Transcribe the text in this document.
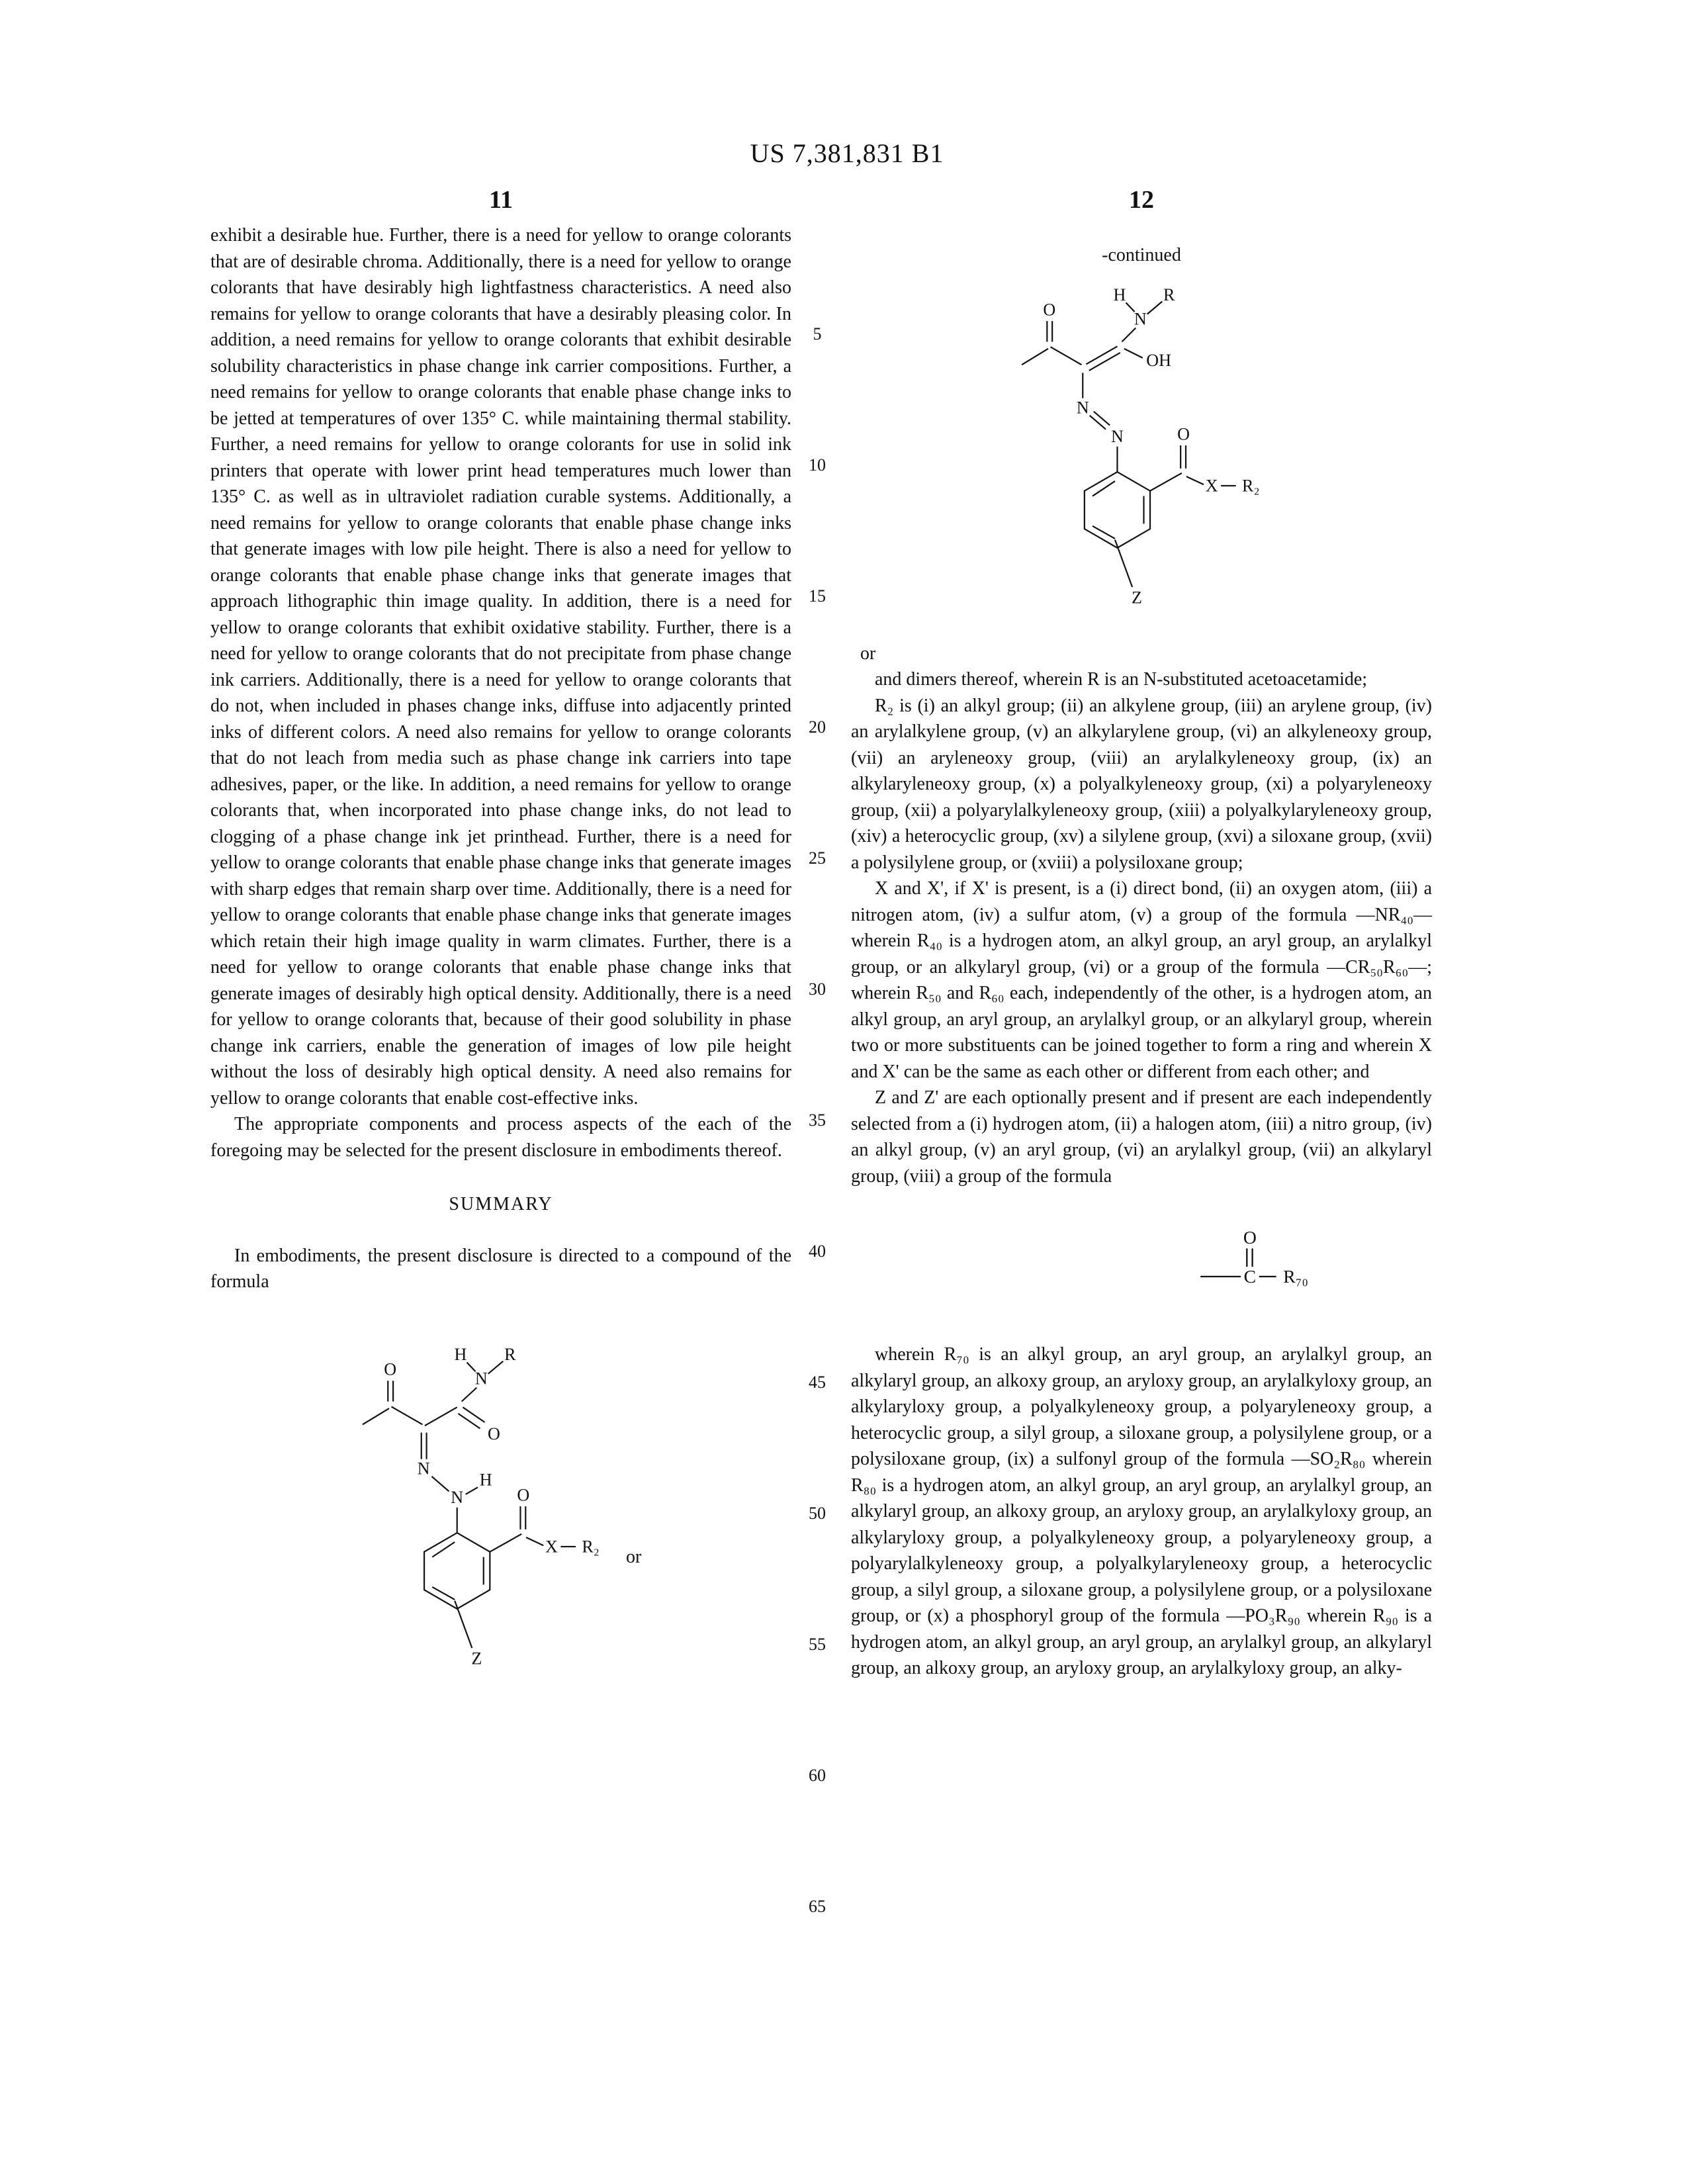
US 7,381,831 B1
11	12
5
10
15
20
25
30
35
40
45
50
55
60
65

exhibit a desirable hue. Further, there is a need for yellow to orange colorants that are of desirable chroma. Additionally, there is a need for yellow to orange colorants that have desirably high lightfastness characteristics. A need also remains for yellow to orange colorants that have a desirably pleasing color. In addition, a need remains for yellow to orange colorants that exhibit desirable solubility characteristics in phase change ink carrier compositions. Further, a need remains for yellow to orange colorants that enable phase change inks to be jetted at temperatures of over 135° C. while maintaining thermal stability. Further, a need remains for yellow to orange colorants for use in solid ink printers that operate with lower print head temperatures much lower than 135° C. as well as in ultraviolet radiation curable systems. Additionally, a need remains for yellow to orange colorants that enable phase change inks that generate images with low pile height. There is also a need for yellow to orange colorants that enable phase change inks that generate images that approach lithographic thin image quality. In addition, there is a need for yellow to orange colorants that exhibit oxidative stability. Further, there is a need for yellow to orange colorants that do not precipitate from phase change ink carriers. Additionally, there is a need for yellow to orange colorants that do not, when included in phases change inks, diffuse into adjacently printed inks of different colors. A need also remains for yellow to orange colorants that do not leach from media such as phase change ink carriers into tape adhesives, paper, or the like. In addition, a need remains for yellow to orange colorants that, when incorporated into phase change inks, do not lead to clogging of a phase change ink jet printhead. Further, there is a need for yellow to orange colorants that enable phase change inks that generate images with sharp edges that remain sharp over time. Additionally, there is a need for yellow to orange colorants that enable phase change inks that generate images which retain their high image quality in warm climates. Further, there is a need for yellow to orange colorants that enable phase change inks that generate images of desirably high optical density. Additionally, there is a need for yellow to orange colorants that, because of their good solubility in phase change ink carriers, enable the generation of images of low pile height without the loss of desirably high optical density. A need also remains for yellow to orange colorants that enable cost-effective inks.

The appropriate components and process aspects of the each of the foregoing may be selected for the present disclosure in embodiments thereof.

SUMMARY

In embodiments, the present disclosure is directed to a compound of the formula

H
N
R
O
O
N
N
H
O
X R₂
Z
or
-continued
H
N
R
OH
O
N
N	O
X R₂
Z

or

and dimers thereof, wherein R is an N-substituted acetoacetamide;

R₂ is (i) an alkyl group; (ii) an alkylene group, (iii) an arylene group, (iv) an arylalkylene group, (v) an alkylarylene group, (vi) an alkyleneoxy group, (vii) an aryleneoxy group, (viii) an arylalkyleneoxy group, (ix) an alkylaryleneoxy group, (x) a polyalkyleneoxy group, (xi) a polyaryleneoxy group, (xii) a polyarylalkyleneoxy group, (xiii) a polyalkylaryleneoxy group, (xiv) a heterocyclic group, (xv) a silylene group, (xvi) a siloxane group, (xvii) a polysilylene group, or (xviii) a polysiloxane group;

X and X', if X' is present, is a (i) direct bond, (ii) an oxygen atom, (iii) a nitrogen atom, (iv) a sulfur atom, (v) a group of the formula —NR₄₀— wherein R₄₀ is a hydrogen atom, an alkyl group, an aryl group, an arylalkyl group, or an alkylaryl group, (vi) or a group of the formula —CR₅₀R₆₀—; wherein R₅₀ and R₆₀ each, independently of the other, is a hydrogen atom, an alkyl group, an aryl group, an arylalkyl group, or an alkylaryl group, wherein two or more substituents can be joined together to form a ring and wherein X and X' can be the same as each other or different from each other; and

Z and Z' are each optionally present and if present are each independently selected from a (i) hydrogen atom, (ii) a halogen atom, (iii) a nitro group, (iv) an alkyl group, (v) an aryl group, (vi) an arylalkyl group, (vii) an alkylaryl group, (viii) a group of the formula

C
O
R₇₀

wherein R₇₀ is an alkyl group, an aryl group, an arylalkyl group, an alkylaryl group, an alkoxy group, an aryloxy group, an arylalkyloxy group, an alkylaryloxy group, a polyalkyleneoxy group, a polyaryleneoxy group, a heterocyclic group, a silyl group, a siloxane group, a polysilylene group, or a polysiloxane group, (ix) a sulfonyl group of the formula —SO₂R₈₀ wherein R₈₀ is a hydrogen atom, an alkyl group, an aryl group, an arylalkyl group, an alkylaryl group, an alkoxy group, an aryloxy group, an arylalkyloxy group, an alkylaryloxy group, a polyalkyleneoxy group, a polyaryleneoxy group, a polyarylalkyleneoxy group, a polyalkylaryleneoxy group, a heterocyclic group, a silyl group, a siloxane group, a polysilylene group, or a polysiloxane group, or (x) a phosphoryl group of the formula —PO₃R₉₀ wherein R₉₀ is a hydrogen atom, an alkyl group, an aryl group, an arylalkyl group, an alkylaryl group, an alkoxy group, an aryloxy group, an arylalkyloxy group, an alky-
